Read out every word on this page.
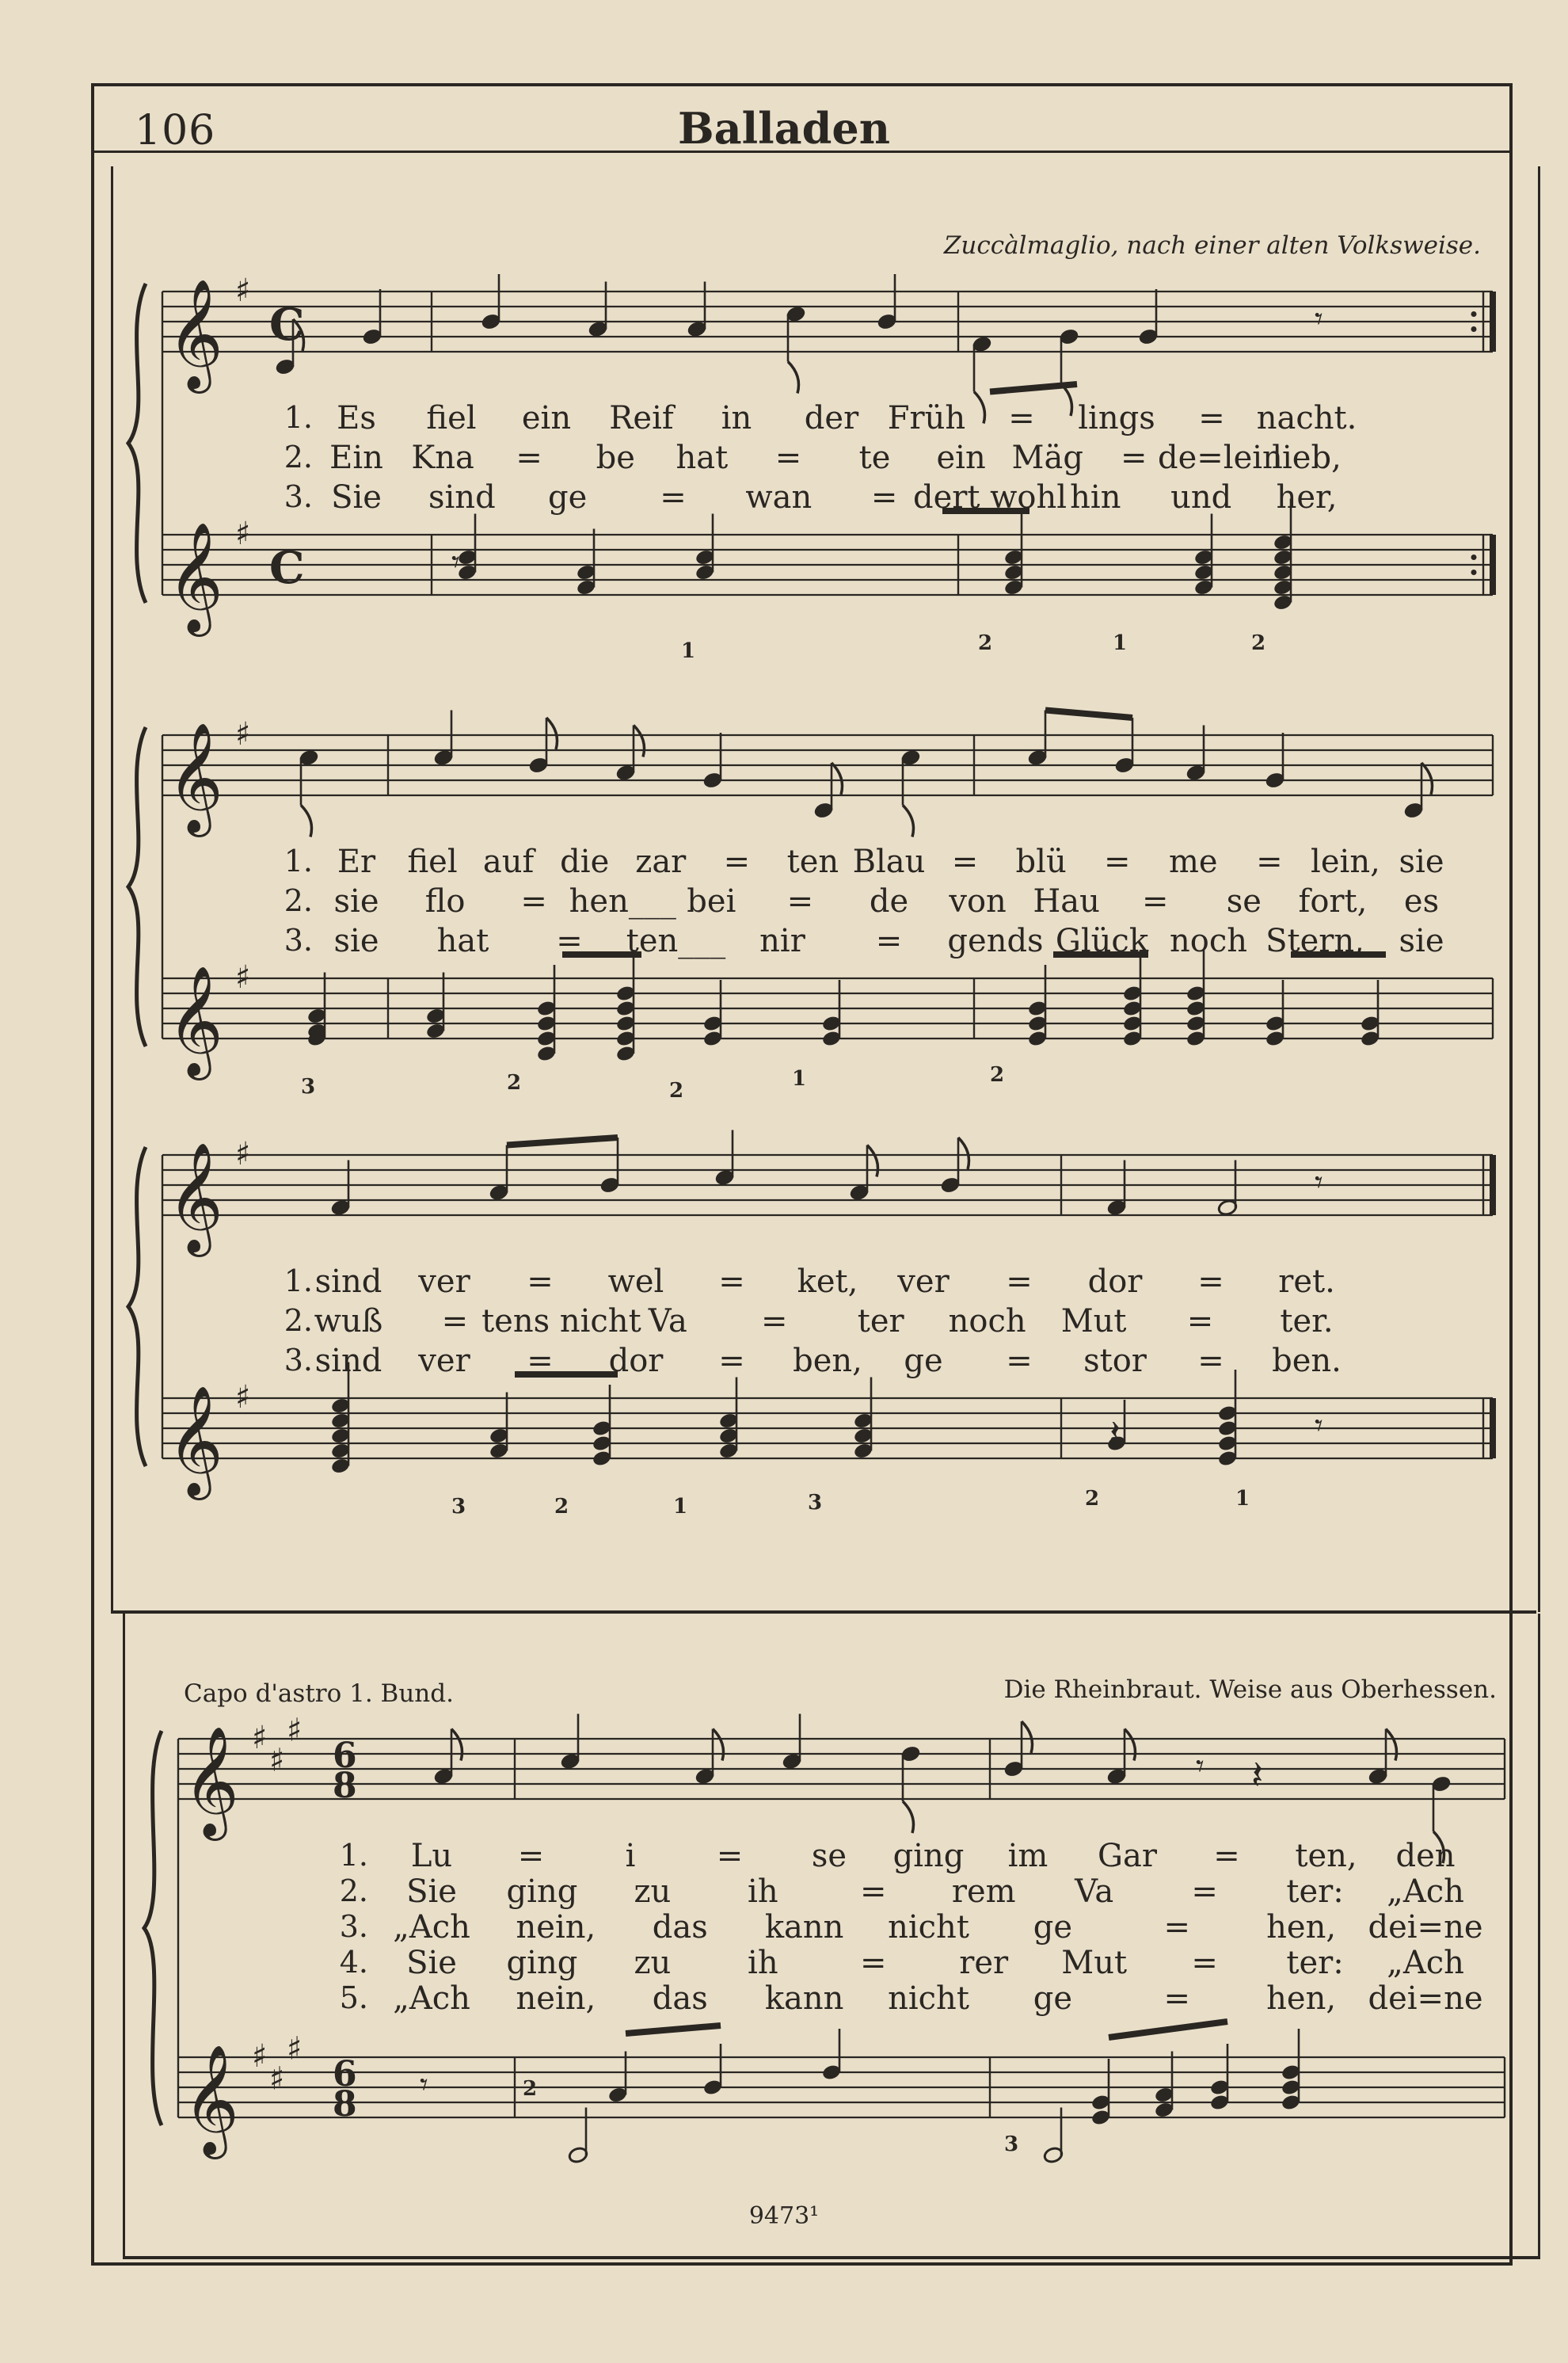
106	Balladen
Zuccàlmaglio, nach einer alten Volksweise.
Capo d'astro 1. Bund.	Die Rheinbraut. Weise aus Oberhessen.
9473¹
𝄞 ♯
C
𝄞 ♯
C
𝄞 ♯
𝄞 ♯
𝄞 ♯
𝄞 ♯
𝄾
𝄾
𝄾
𝄾
𝄽
1	2	1	2
3	2	2	1	2
3	2	1	3	2	1
𝄞 ♯
♯
♯
6
8
𝄞 ♯
♯
♯
6
8
𝄾 𝄽
𝄾	2
3
1. Es fiel ein Reif in der Früh = lings = nacht.
2. Ein Kna = be hat = te ein Mäg = de=lein
lieb,
3. Sie sind ge = wan = dert wohl hin und her,
1. Er fiel auf die zar = ten Blau = blü = me = lein, sie
2. sie flo = hen___ bei = de von Hau = se fort, es
3. sie hat = ten___ nir = gends Glück noch Stern, sie
1. sind ver = wel = ket, ver = dor = ret.
2. wuß = tens nicht Va = ter noch Mut = ter.
3. sind ver = dor = ben, ge = stor = ben.
1. Lu =	i	= se ging im Gar = ten, den
2. Sie ging zu ih	= rem Va = ter: „Ach
3. „Ach nein, das kann nicht ge	= hen, dei=ne
4. Sie ging zu ih	= rer Mut = ter: „Ach
5. „Ach nein, das kann nicht ge	= hen, dei=ne
